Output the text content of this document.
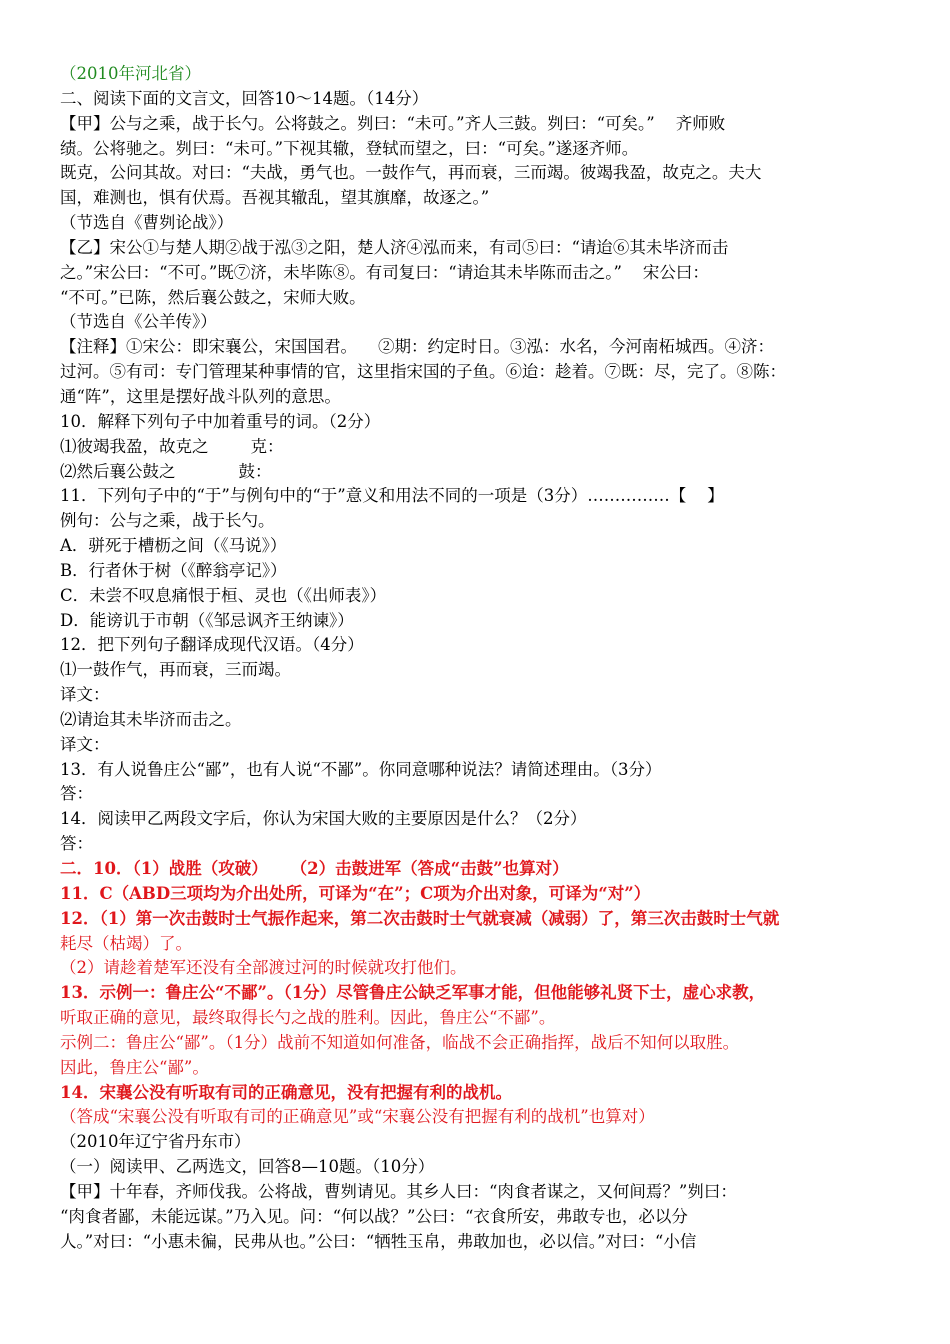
（2010年河北省）
二、阅读下面的文言文，回答10～14题。（14分）
【甲】公与之乘，战于长勺。公将鼓之。刿曰：“未可。”齐人三鼓。刿曰：“可矣。”    齐师败
绩。公将驰之。刿曰：“未可。”下视其辙，登轼而望之，曰：“可矣。”遂逐齐师。
既克，公问其故。对曰：“夫战，勇气也。一鼓作气，再而衰，三而竭。彼竭我盈，故克之。夫大
国，难测也，惧有伏焉。吾视其辙乱，望其旗靡，故逐之。”
（节选自《曹刿论战》）
【乙】宋公①与楚人期②战于泓③之阳，楚人济④泓而来，有司⑤曰：“请迨⑥其未毕济而击
之。”宋公曰：“不可。”既⑦济，未毕陈⑧。有司复曰：“请迨其未毕陈而击之。”    宋公曰：
“不可。”已陈，然后襄公鼓之，宋师大败。
（节选自《公羊传》）
【注释】①宋公：即宋襄公，宋国国君。    ②期：约定时日。③泓：水名，今河南柘城西。④济：
过河。⑤有司：专门管理某种事情的官，这里指宋国的子鱼。⑥迨：趁着。⑦既：尽，完了。⑧陈：
通“阵”，这里是摆好战斗队列的意思。
10．解释下列句子中加着重号的词。（2分）
⑴彼竭我盈，故克之        克：
⑵然后襄公鼓之            鼓：
11．下列句子中的“于”与例句中的“于”意义和用法不同的一项是（3分）……………【    】
例句：公与之乘，战于长勺。
A．骈死于槽枥之间（《马说》）
B．行者休于树（《醉翁亭记》）
C．未尝不叹息痛恨于桓、灵也（《出师表》）
D．能谤讥于市朝（《邹忌讽齐王纳谏》）
12．把下列句子翻译成现代汉语。（4分）
⑴一鼓作气，再而衰，三而竭。
译文：
⑵请迨其未毕济而击之。
译文：
13．有人说鲁庄公“鄙”，也有人说“不鄙”。你同意哪种说法？请简述理由。（3分）
答：
14．阅读甲乙两段文字后，你认为宋国大败的主要原因是什么？（2分）
答：
二．10．（1）战胜（攻破）    （2）击鼓进军（答成“击鼓”也算对）
11．C（ABD三项均为介出处所，可译为“在”；C项为介出对象，可译为“对”）
12．（1）第一次击鼓时士气振作起来，第二次击鼓时士气就衰减（减弱）了，第三次击鼓时士气就
耗尽（枯竭）了。
（2）请趁着楚军还没有全部渡过河的时候就攻打他们。
13．示例一：鲁庄公“不鄙”。（1分）尽管鲁庄公缺乏军事才能，但他能够礼贤下士，虚心求教，
听取正确的意见，最终取得长勺之战的胜利。因此，鲁庄公“不鄙”。
示例二：鲁庄公“鄙”。（1分）战前不知道如何准备，临战不会正确指挥，战后不知何以取胜。
因此，鲁庄公“鄙”。
14．宋襄公没有听取有司的正确意见，没有把握有利的战机。
（答成“宋襄公没有听取有司的正确意见”或“宋襄公没有把握有利的战机”也算对）
（2010年辽宁省丹东市）
（一）阅读甲、乙两选文，回答8—10题。（10分）
【甲】十年春，齐师伐我。公将战，曹刿请见。其乡人曰：“肉食者谋之，又何间焉？”刿曰：
“肉食者鄙，未能远谋。”乃入见。问：“何以战？”公曰：“衣食所安，弗敢专也，必以分
人。”对曰：“小惠未徧，民弗从也。”公曰：“牺牲玉帛，弗敢加也，必以信。”对曰：“小信
